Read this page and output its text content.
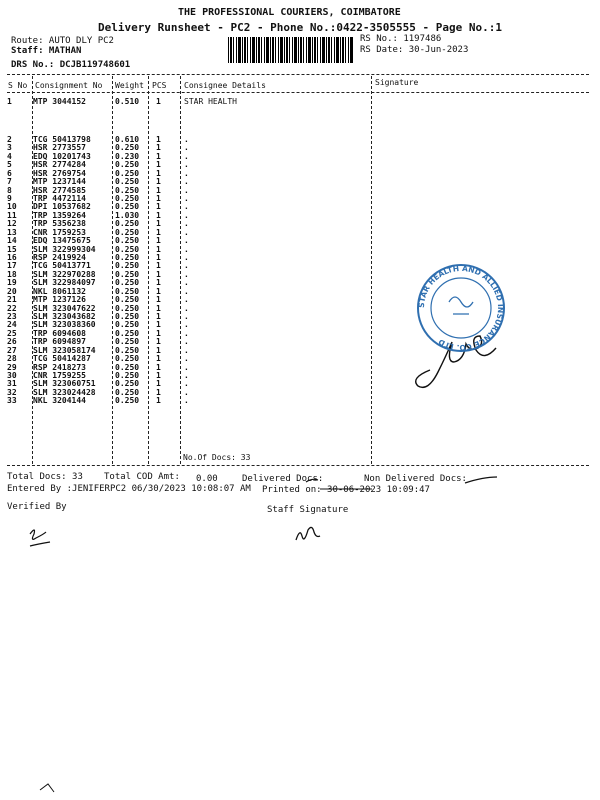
THE PROFESSIONAL COURIERS, COIMBATORE
Delivery Runsheet - PC2 - Phone No.:0422-3505555 - Page No.:1
Route: AUTO DLY PC2
Staff: MATHAN
DRS No.: DCJB119748601
RS No.: 1197486
RS Date: 30-Jun-2023
S No Consignment No Weight PCS Consignee Details	Signature
1	MTP 3044152	0.510 1	STAR HEALTH
2	TCG 50413798	0.610 1	.
3	HSR 2773557	0.250 1	.
4	EDQ 10201743	0.230 1	.
5	HSR 2774284	0.250 1	.
6	HSR 2769754	0.250 1	.
7	MTP 1237144	0.250 1	.
8	HSR 2774585	0.250 1	.
9	TRP 4472114	0.250 1	.
10 DPI 10537682	0.250 1	.
11 TRP 1359264	1.030 1	.
12 TRP 5356238	0.250 1	.
13 CNR 1759253	0.250 1	.
14 EDQ 13475675	0.250 1	.
15 SLM 322999304 0.250 1	.
16 RSP 2419924	0.250 1	.
17 TCG 50413771	0.250 1	.
18 SLM 322970288 0.250 1	.
19 SLM 322984097 0.250 1	.
20 NKL 8061132	0.250 1	.
21 MTP 1237126	0.250 1	.
22 SLM 323047622 0.250 1	.
23 SLM 323043682 0.250 1	.
24 SLM 323038360 0.250 1	.
25 TRP 6094608	0.250 1	.
26 TRP 6094897	0.250 1	.
27 SLM 323058174 0.250 1	.
28 TCG 50414287	0.250 1	.
29 RSP 2418273	0.250 1	.
30 CNR 1759255	0.250 1	.
31 SLM 323060751 0.250 1	.
32 SLM 323024428 0.250 1	.
33 NKL 3204144	0.250 1	.
No.Of Docs: 33
Total Docs: 33 Total COD Amt: 0.00	Delivered Docs:	Non Delivered Docs:
Entered By :JENIFERPC2 06/30/2023 10:08:07 AM Printed on: 30-06-2023 10:09:47
Verified By	Staff Signature
STAR HEALTH AND ALLIED INSURANCE CO. LTD
